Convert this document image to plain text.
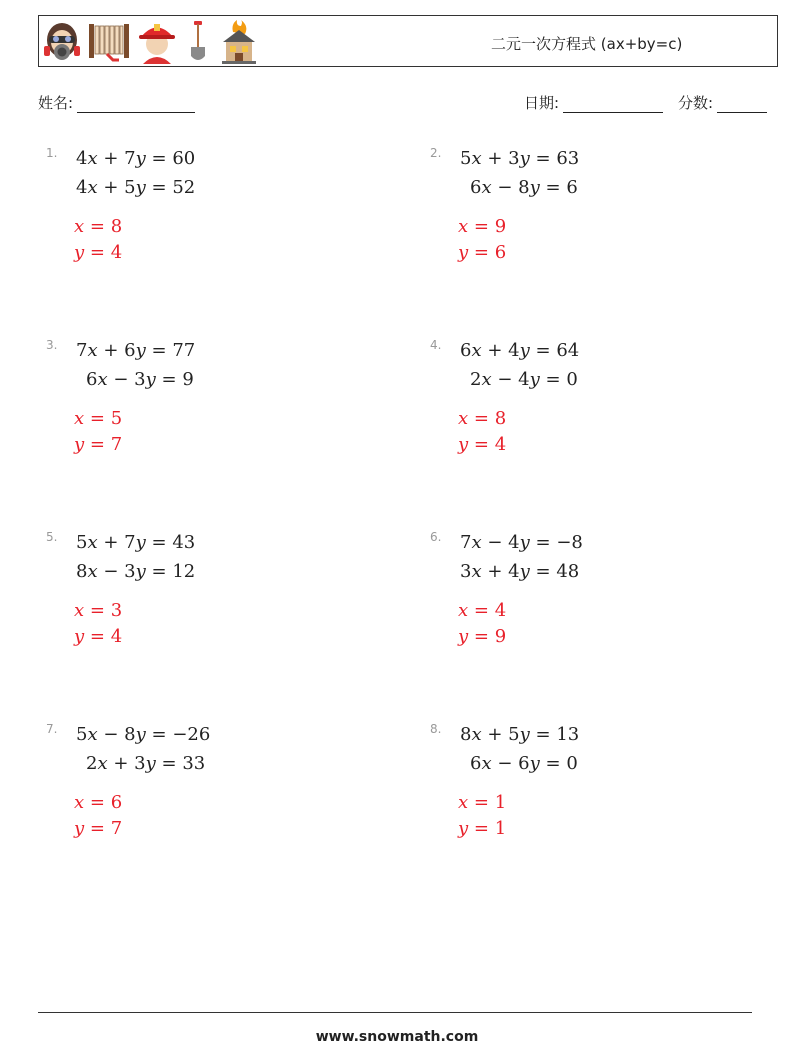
二元一次方程式 (ax+by=c)
姓名:	日期:	分数:
1. 4x + 7y = 60
4x + 5y = 52
x = 8
y = 4
2. 5x + 3y = 63
6x − 8y = 6
x = 9
y = 6
3. 7x + 6y = 77
6x − 3y = 9
x = 5
y = 7
4. 6x + 4y = 64
2x − 4y = 0
x = 8
y = 4
5. 5x + 7y = 43
8x − 3y = 12
x = 3
y = 4
6. 7x − 4y = −8
3x + 4y = 48
x = 4
y = 9
7. 5x − 8y = −26
2x + 3y = 33
x = 6
y = 7
8. 8x + 5y = 13
6x − 6y = 0
x = 1
y = 1
www.snowmath.com
